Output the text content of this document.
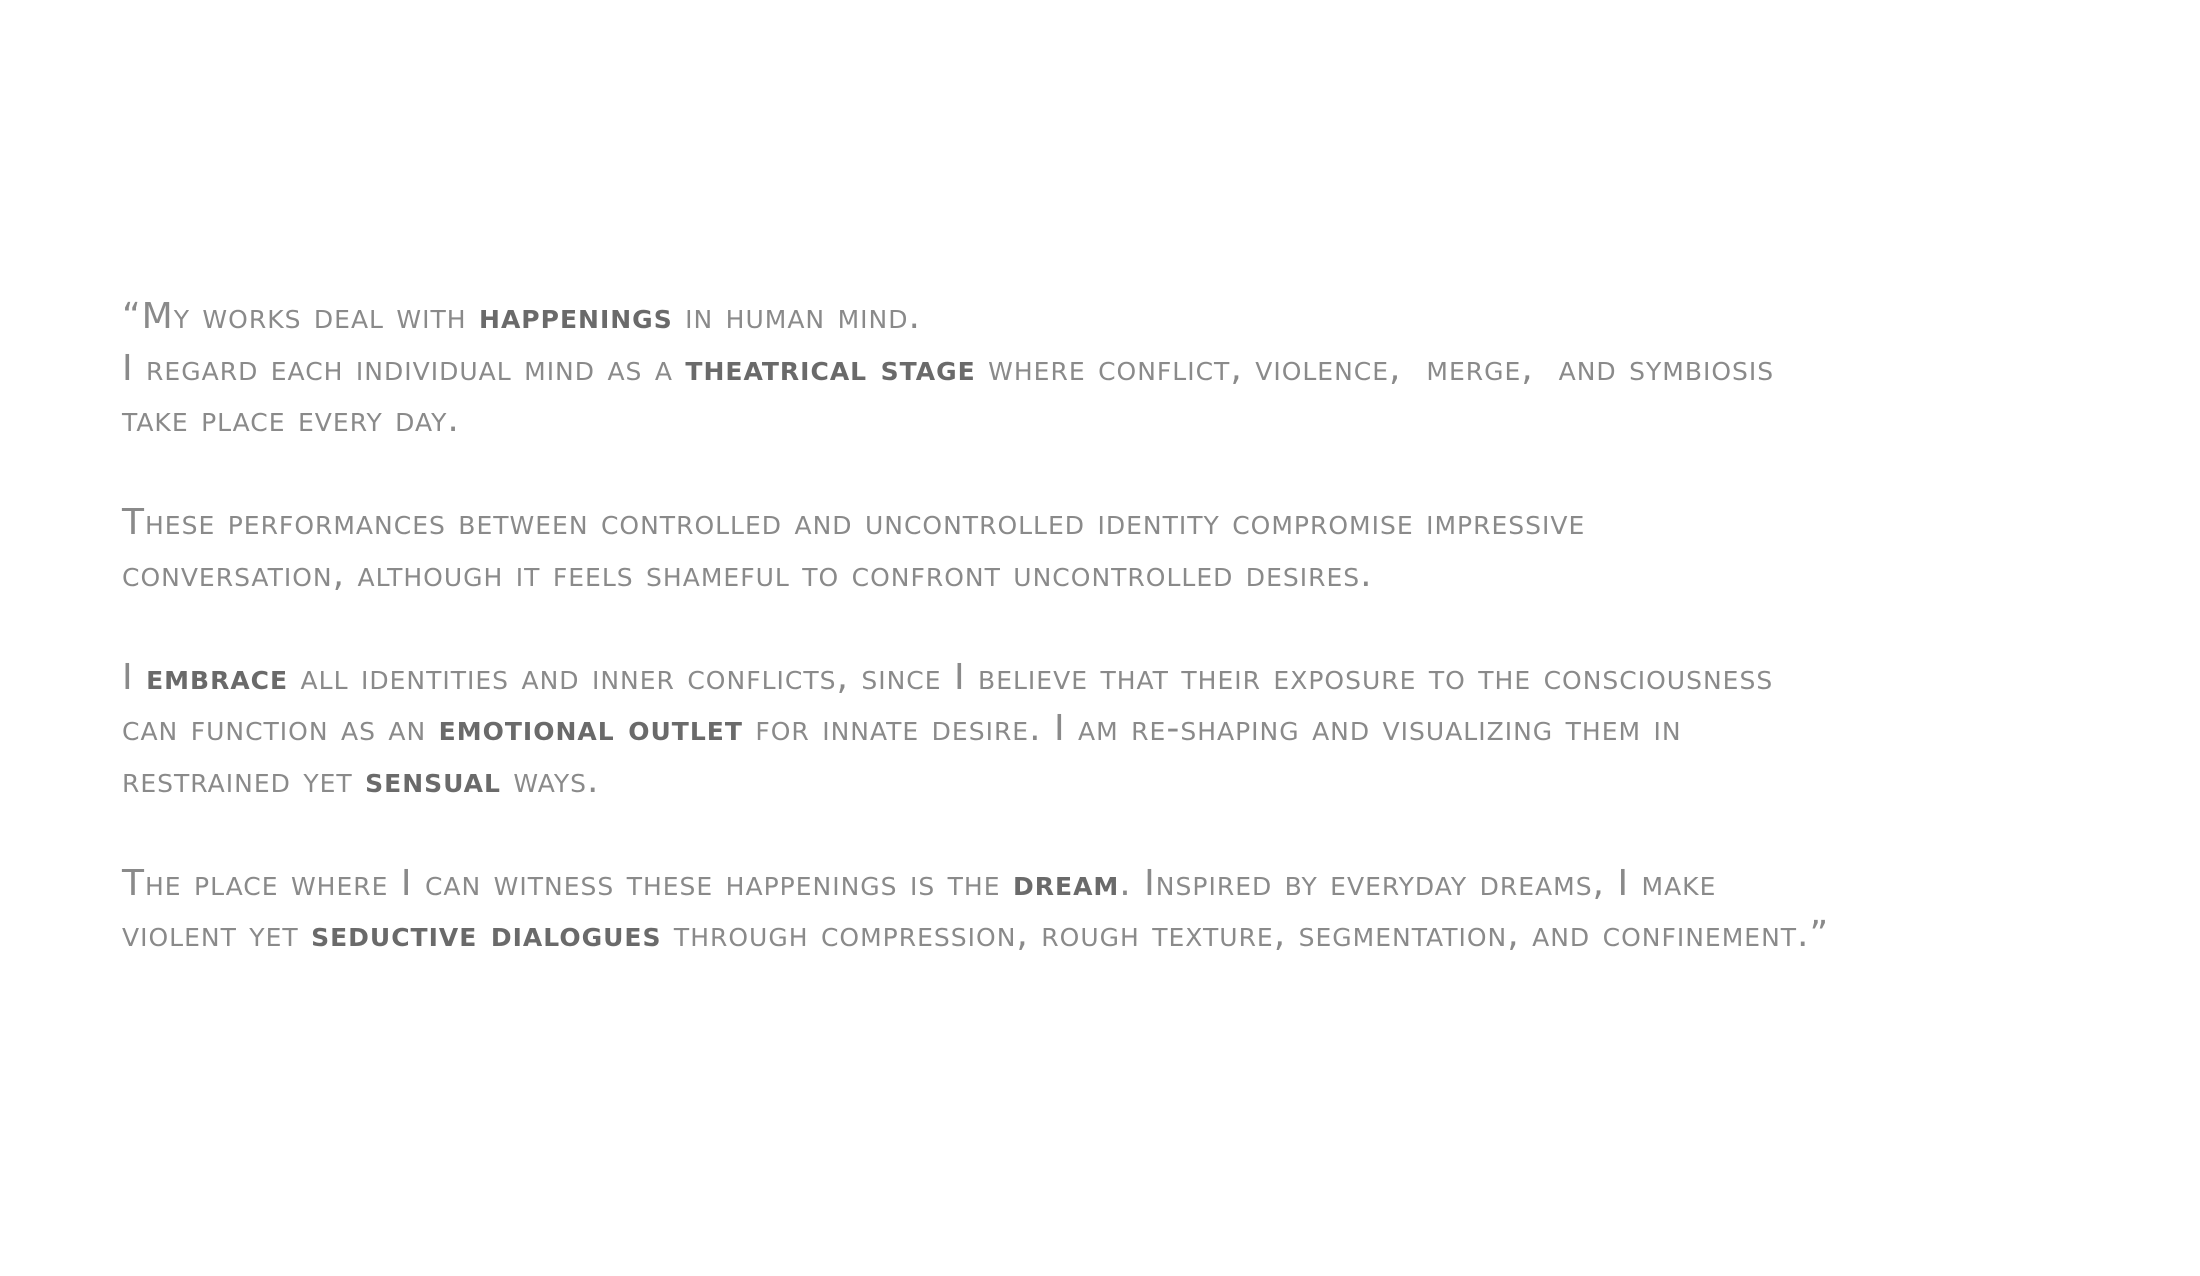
“My works deal with happenings in human mind.
I regard each individual mind as a theatrical stage where conflict, violence,  merge,  and symbiosis
take place every day.
These performances between controlled and uncontrolled identity compromise impressive
conversation, although it feels shameful to confront uncontrolled desires.
I embrace all identities and inner conflicts, since I believe that their exposure to the consciousness
can function as an emotional outlet for innate desire. I am re-shaping and visualizing them in
restrained yet sensual ways.
The place where I can witness these happenings is the dream. Inspired by everyday dreams, I make
violent yet seductive dialogues through compression, rough texture, segmentation, and confinement.”
